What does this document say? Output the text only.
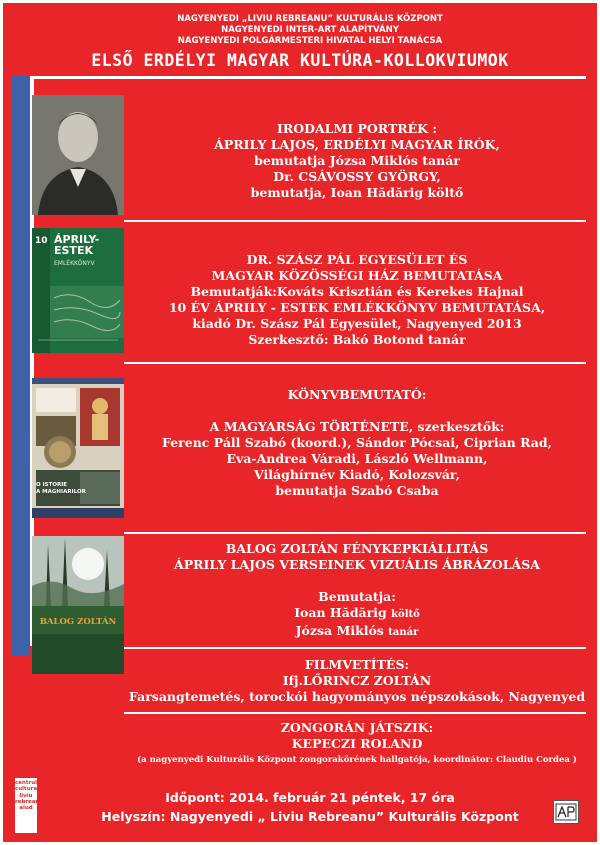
NAGYENYEDI „LIVIU REBREANU” KULTURÁLIS KÖZPONT
NAGYENYEDI INTER-ART ALAPÍTVÁNY
NAGYENYEDI POLGÁRMESTERI HIVATAL HELYI TANÁCSA
ELSŐ ERDÉLYI MAGYAR KULTÚRA-KOLLOKVIUMOK
10 ÁPRILY-
ESTEK
EMLÉKKÖNYV
O ISTORIE
A MAGHIARILOR
BALOG ZOLTÁN
IRODALMI PORTRÉK :
ÁPRILY LAJOS, ERDÉLYI MAGYAR ÍRÓK,
bemutatja Józsa Miklós tanár
Dr. CSÁVOSSY GYÖRGY,
bemutatja, Ioan Hădărig költő
DR. SZÁSZ PÁL EGYESÜLET ÉS
MAGYAR KÖZÖSSÉGI HÁZ BEMUTATÁSA
Bemutatják:Kováts Krisztián és Kerekes Hajnal
10 ÉV ÁPRILY - ESTEK EMLÉKKÖNYV BEMUTATÁSA,
kiadó Dr. Szász Pál Egyesület, Nagyenyed 2013
Szerkesztő: Bakó Botond tanár
KÖNYVBEMUTATÓ:
A MAGYARSÁG TÖRTÉNETE, szerkesztők:
Ferenc Páll Szabó (koord.), Sándor Pócsai, Ciprian Rad,
Eva-Andrea Váradi, László Wellmann,
Világhírnév Kiadó, Kolozsvár,
bemutatja Szabó Csaba
BALOG ZOLTÁN FÉNYKEPKIÁLLITÁS
ÁPRILY LAJOS VERSEINEK VIZUÁLIS ÁBRÁZOLÁSA
Bemutatja:
Ioan Hădărig költő
Józsa Miklós tanár
FILMVETÍTÉS:
Ifj.LŐRINCZ ZOLTÁN
Farsangtemetés, torockói hagyományos népszokások, Nagyenyed
ZONGORÁN JÁTSZIK:
KEPECZI ROLAND
(a nagyenyedi Kulturális Központ zongorakörének hallgatója, koordinátor: Claudiu Cordea )
Időpont: 2014. február 21 péntek, 17 óra
Helyszín: Nagyenyedi „ Liviu Rebreanu” Kulturális Központ
centrul cultural liviu rebreanu aiud
